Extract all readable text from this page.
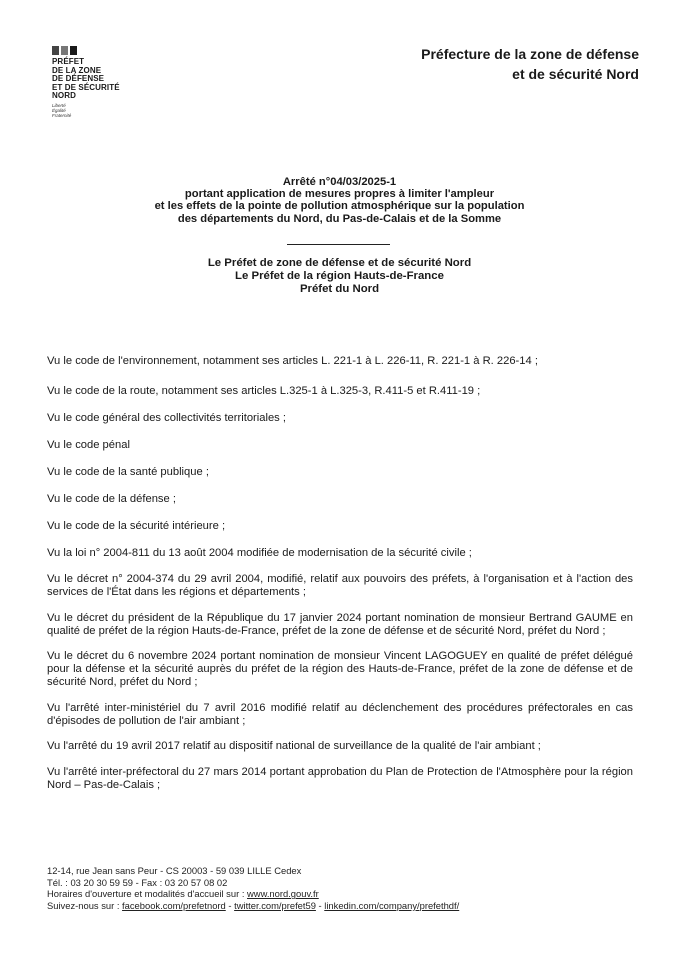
PRÉFET
DE LA ZONE
DE DÉFENSE
ET DE SÉCURITÉ
NORD
Liberté
Égalité
Fraternité
Préfecture de la zone de défense
et de sécurité Nord
Arrêté n°04/03/2025-1
portant application de mesures propres à limiter l'ampleur
et les effets de la pointe de pollution atmosphérique sur la population
des départements du Nord, du Pas-de-Calais et de la Somme
Le Préfet de zone de défense et de sécurité Nord
Le Préfet de la région Hauts-de-France
Préfet du Nord

Vu le code de l'environnement, notamment ses articles L. 221-1 à L. 226-11, R. 221-1 à R. 226-14 ;

Vu le code de la route, notamment ses articles L.325-1 à L.325-3, R.411-5 et R.411-19 ;

Vu le code général des collectivités territoriales ;

Vu le code pénal

Vu le code de la santé publique ;

Vu le code de la défense ;

Vu le code de la sécurité intérieure ;

Vu la loi n° 2004-811 du 13 août 2004 modifiée de modernisation de la sécurité civile ;

Vu le décret n° 2004-374 du 29 avril 2004, modifié, relatif aux pouvoirs des préfets, à l'organisation et à l'action des services de l'État dans les régions et départements ;

Vu le décret du président de la République du 17 janvier 2024 portant nomination de monsieur Bertrand GAUME en qualité de préfet de la région Hauts-de-France, préfet de la zone de défense et de sécurité Nord, préfet du Nord ;

Vu le décret du 6 novembre 2024 portant nomination de monsieur Vincent LAGOGUEY en qualité de préfet délégué pour la défense et la sécurité auprès du préfet de la région des Hauts-de-France, préfet de la zone de défense et de sécurité Nord, préfet du Nord ;

Vu l'arrêté inter-ministériel du 7 avril 2016 modifié relatif au déclenchement des procédures préfectorales en cas d'épisodes de pollution de l'air ambiant ;

Vu l'arrêté du 19 avril 2017 relatif au dispositif national de surveillance de la qualité de l'air ambiant ;

Vu l'arrêté inter-préfectoral du 27 mars 2014 portant approbation du Plan de Protection de l'Atmosphère pour la région Nord – Pas-de-Calais ;

12-14, rue Jean sans Peur - CS 20003 - 59 039 LILLE Cedex
Tél. : 03 20 30 59 59 - Fax : 03 20 57 08 02
Horaires d'ouverture et modalités d'accueil sur : www.nord.gouv.fr
Suivez-nous sur : facebook.com/prefetnord - twitter.com/prefet59 - linkedin.com/company/prefethdf/
